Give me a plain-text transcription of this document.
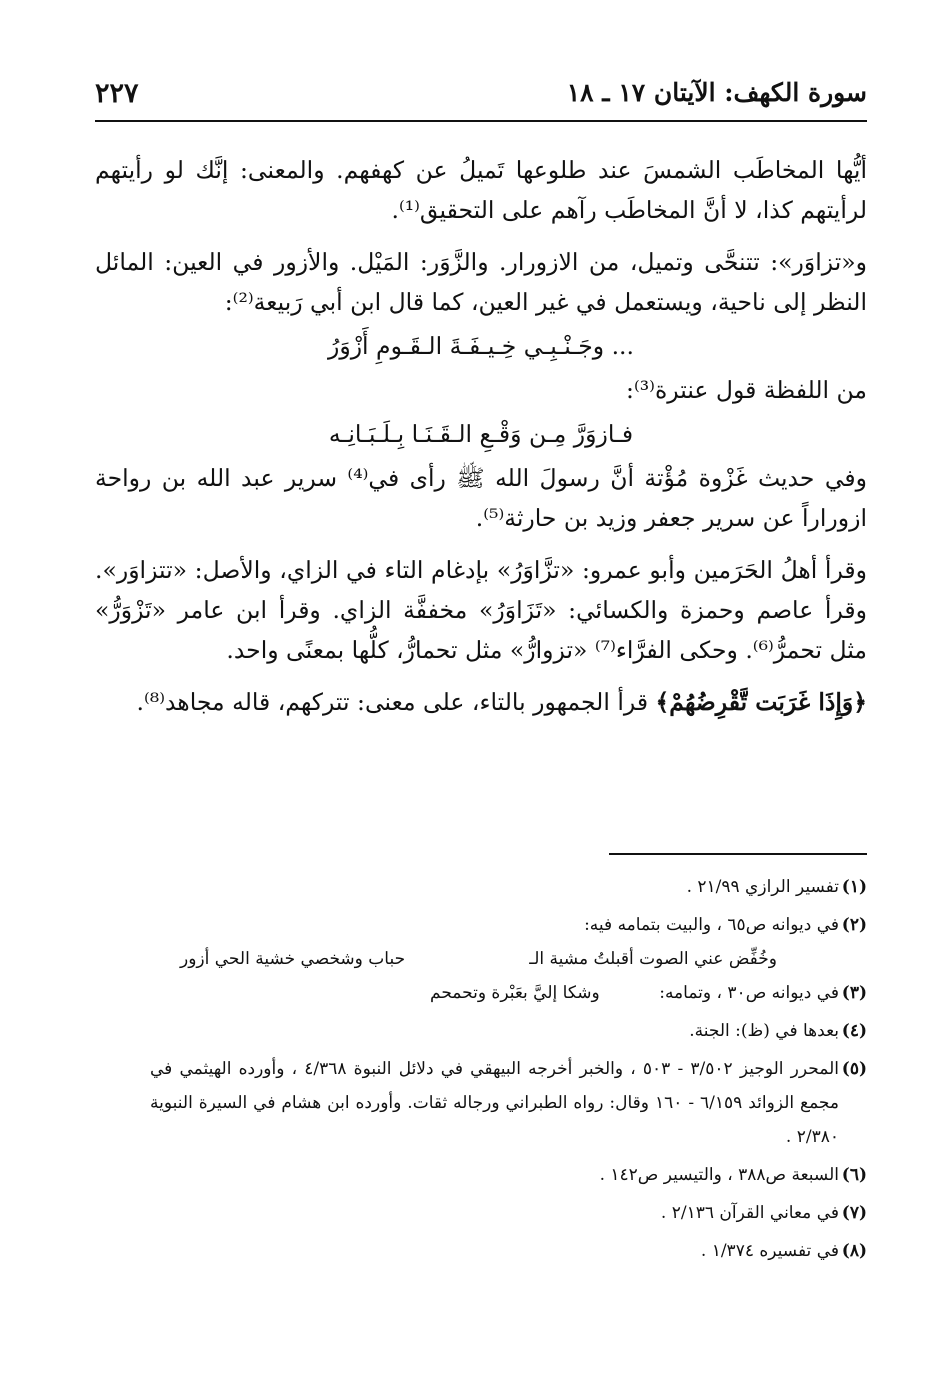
سورة الكهف: الآيتان ١٧ ـ ١٨
٢٢٧

أيُّها المخاطَب الشمسَ عند طلوعها تَميلُ عن كهفهم. والمعنى: إنَّك لو رأيتهم لرأيتهم كذا، لا أنَّ المخاطَب رآهم على التحقيق⁽¹⁾.

و«تزاوَر»: تتنحَّى وتميل، من الازورار. والزَّوَر: المَيْل. والأزور في العين: المائل النظر إلى ناحية، ويستعمل في غير العين، كما قال ابن أبي رَبيعة⁽²⁾:

... وجَـنْـبِـي خِـيـفَـةَ الـقَـومِ أَزْوَرُ

من اللفظة قول عنترة⁽³⁾:

فـازوَرَّ مِـن وَقْـعِ الـقَـنَـا بِـلَـبَـانِـه

وفي حديث غَزْوة مُؤْتة أنَّ رسولَ الله ﷺ رأى في⁽⁴⁾ سرير عبد الله بن رواحة ازوراراً عن سرير جعفر وزيد بن حارثة⁽⁵⁾.

وقرأ أهلُ الحَرَمين وأبو عمرو: «تزَّاوَرُ» بإدغام التاء في الزاي، والأصل: «تتزاوَر». وقرأ عاصم وحمزة والكسائي: «تَزَاوَرُ» مخففَّة الزاي. وقرأ ابن عامر «تَزْوَرُّ» مثل تحمرُّ⁽⁶⁾. وحكى الفرَّاء⁽⁷⁾ «تزوارُّ» مثل تحمارُّ، كلُّها بمعنًى واحد.

﴿وَإِذَا غَرَبَت تَّقْرِضُهُمْ﴾ قرأ الجمهور بالتاء، على معنى: تتركهم، قاله مجاهد⁽⁸⁾.

(١)
تفسير الرازي ٢١/٩٩ .

(٢)
في ديوانه ص٦٥ ، والبيت بتمامه فيه:

وخُفِّض عني الصوت أقبلتُ مشية الـ
حباب وشخصي خشية الحي أزور

(٣)
في ديوانه ص٣٠ ، وتمامه:
وشكا إليَّ بعَبْرة وتحمحم

(٤)
بعدها في (ظ): الجنة.

(٥)
المحرر الوجيز ٣/٥٠٢ - ٥٠٣ ، والخبر أخرجه البيهقي في دلائل النبوة ٤/٣٦٨ ، وأورده الهيثمي في مجمع الزوائد ٦/١٥٩ - ١٦٠ وقال: رواه الطبراني ورجاله ثقات. وأورده ابن هشام في السيرة النبوية ٢/٣٨٠ .

(٦)
السبعة ص٣٨٨ ، والتيسير ص١٤٢ .

(٧)
في معاني القرآن ٢/١٣٦ .

(٨)
في تفسيره ١/٣٧٤ .
